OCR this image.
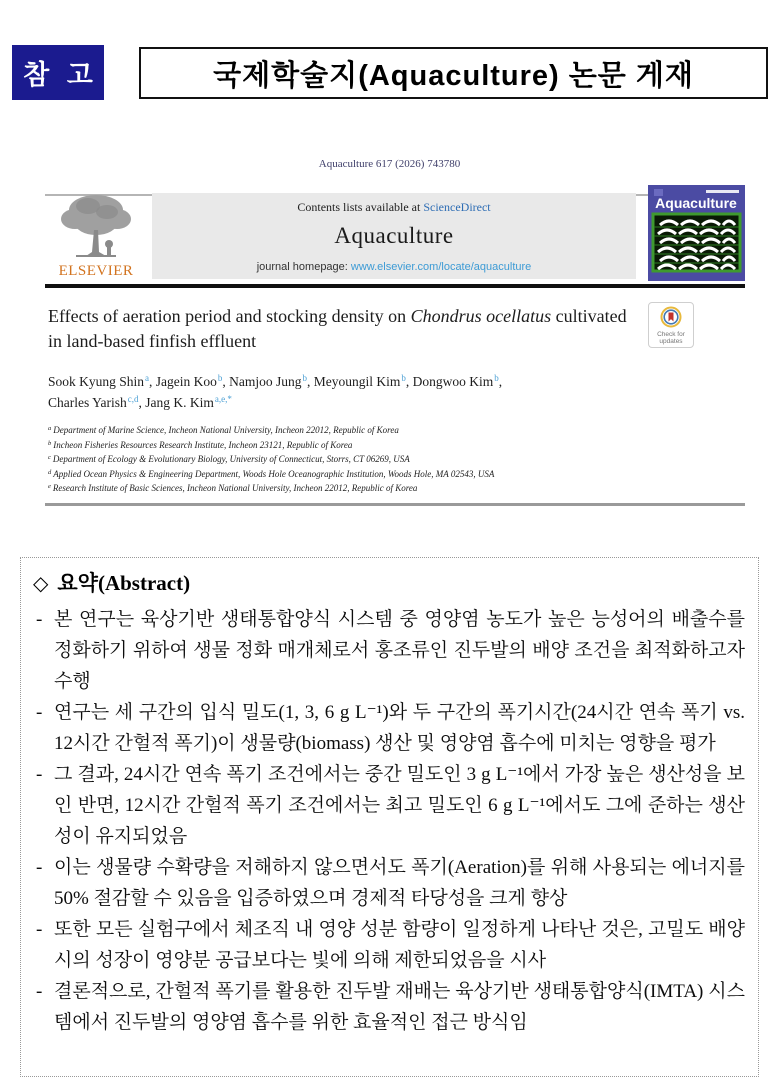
참 고	국제학술지(Aquaculture) 논문 게재
Aquaculture 617 (2026) 743780
ELSEVIER
Contents lists available at ScienceDirect
Aquaculture
journal homepage: www.elsevier.com/locate/aquaculture
Aquaculture
Effects of aeration period and stocking density on Chondrus ocellatus cultivated in land-based finfish effluent	Check for
updates
Sook Kyung Shin$^a$, Jagein Koo$^b$, Namjoo Jung$^b$, Meyoungil Kim$^b$, Dongwoo Kim$^b$,
Charles Yarish$^{c,d}$, Jang K. Kim$^{a,e,*}$
$^a$ Department of Marine Science, Incheon National University, Incheon 22012, Republic of Korea
$^b$ Incheon Fisheries Resources Research Institute, Incheon 23121, Republic of Korea
$^c$ Department of Ecology & Evolutionary Biology, University of Connecticut, Storrs, CT 06269, USA
$^d$ Applied Ocean Physics & Engineering Department, Woods Hole Oceanographic Institution, Woods Hole, MA 02543, USA
$^e$ Research Institute of Basic Sciences, Incheon National University, Incheon 22012, Republic of Korea
◇ 요약(Abstract)
- 본 연구는 육상기반 생태통합양식 시스템 중 영양염 농도가 높은 능성어의 배출수를 정화하기 위하여 생물 정화 매개체로서 홍조류인 진두발의 배양 조건을 최적화하고자 수행
- 연구는 세 구간의 입식 밀도(1, 3, 6 g L⁻¹)와 두 구간의 폭기시간(24시간 연속 폭기 vs. 12시간 간헐적 폭기)이 생물량(biomass) 생산 및 영양염 흡수에 미치는 영향을 평가
- 그 결과, 24시간 연속 폭기 조건에서는 중간 밀도인 3 g L⁻¹에서 가장 높은 생산성을 보인 반면, 12시간 간헐적 폭기 조건에서는 최고 밀도인 6 g L⁻¹에서도 그에 준하는 생산성이 유지되었음
- 이는 생물량 수확량을 저해하지 않으면서도 폭기(Aeration)를 위해 사용되는 에너지를 50% 절감할 수 있음을 입증하였으며 경제적 타당성을 크게 향상
- 또한 모든 실험구에서 체조직 내 영양 성분 함량이 일정하게 나타난 것은, 고밀도 배양 시의 성장이 영양분 공급보다는 빛에 의해 제한되었음을 시사
- 결론적으로, 간헐적 폭기를 활용한 진두발 재배는 육상기반 생태통합양식(IMTA) 시스템에서 진두발의 영양염 흡수를 위한 효율적인 접근 방식임
